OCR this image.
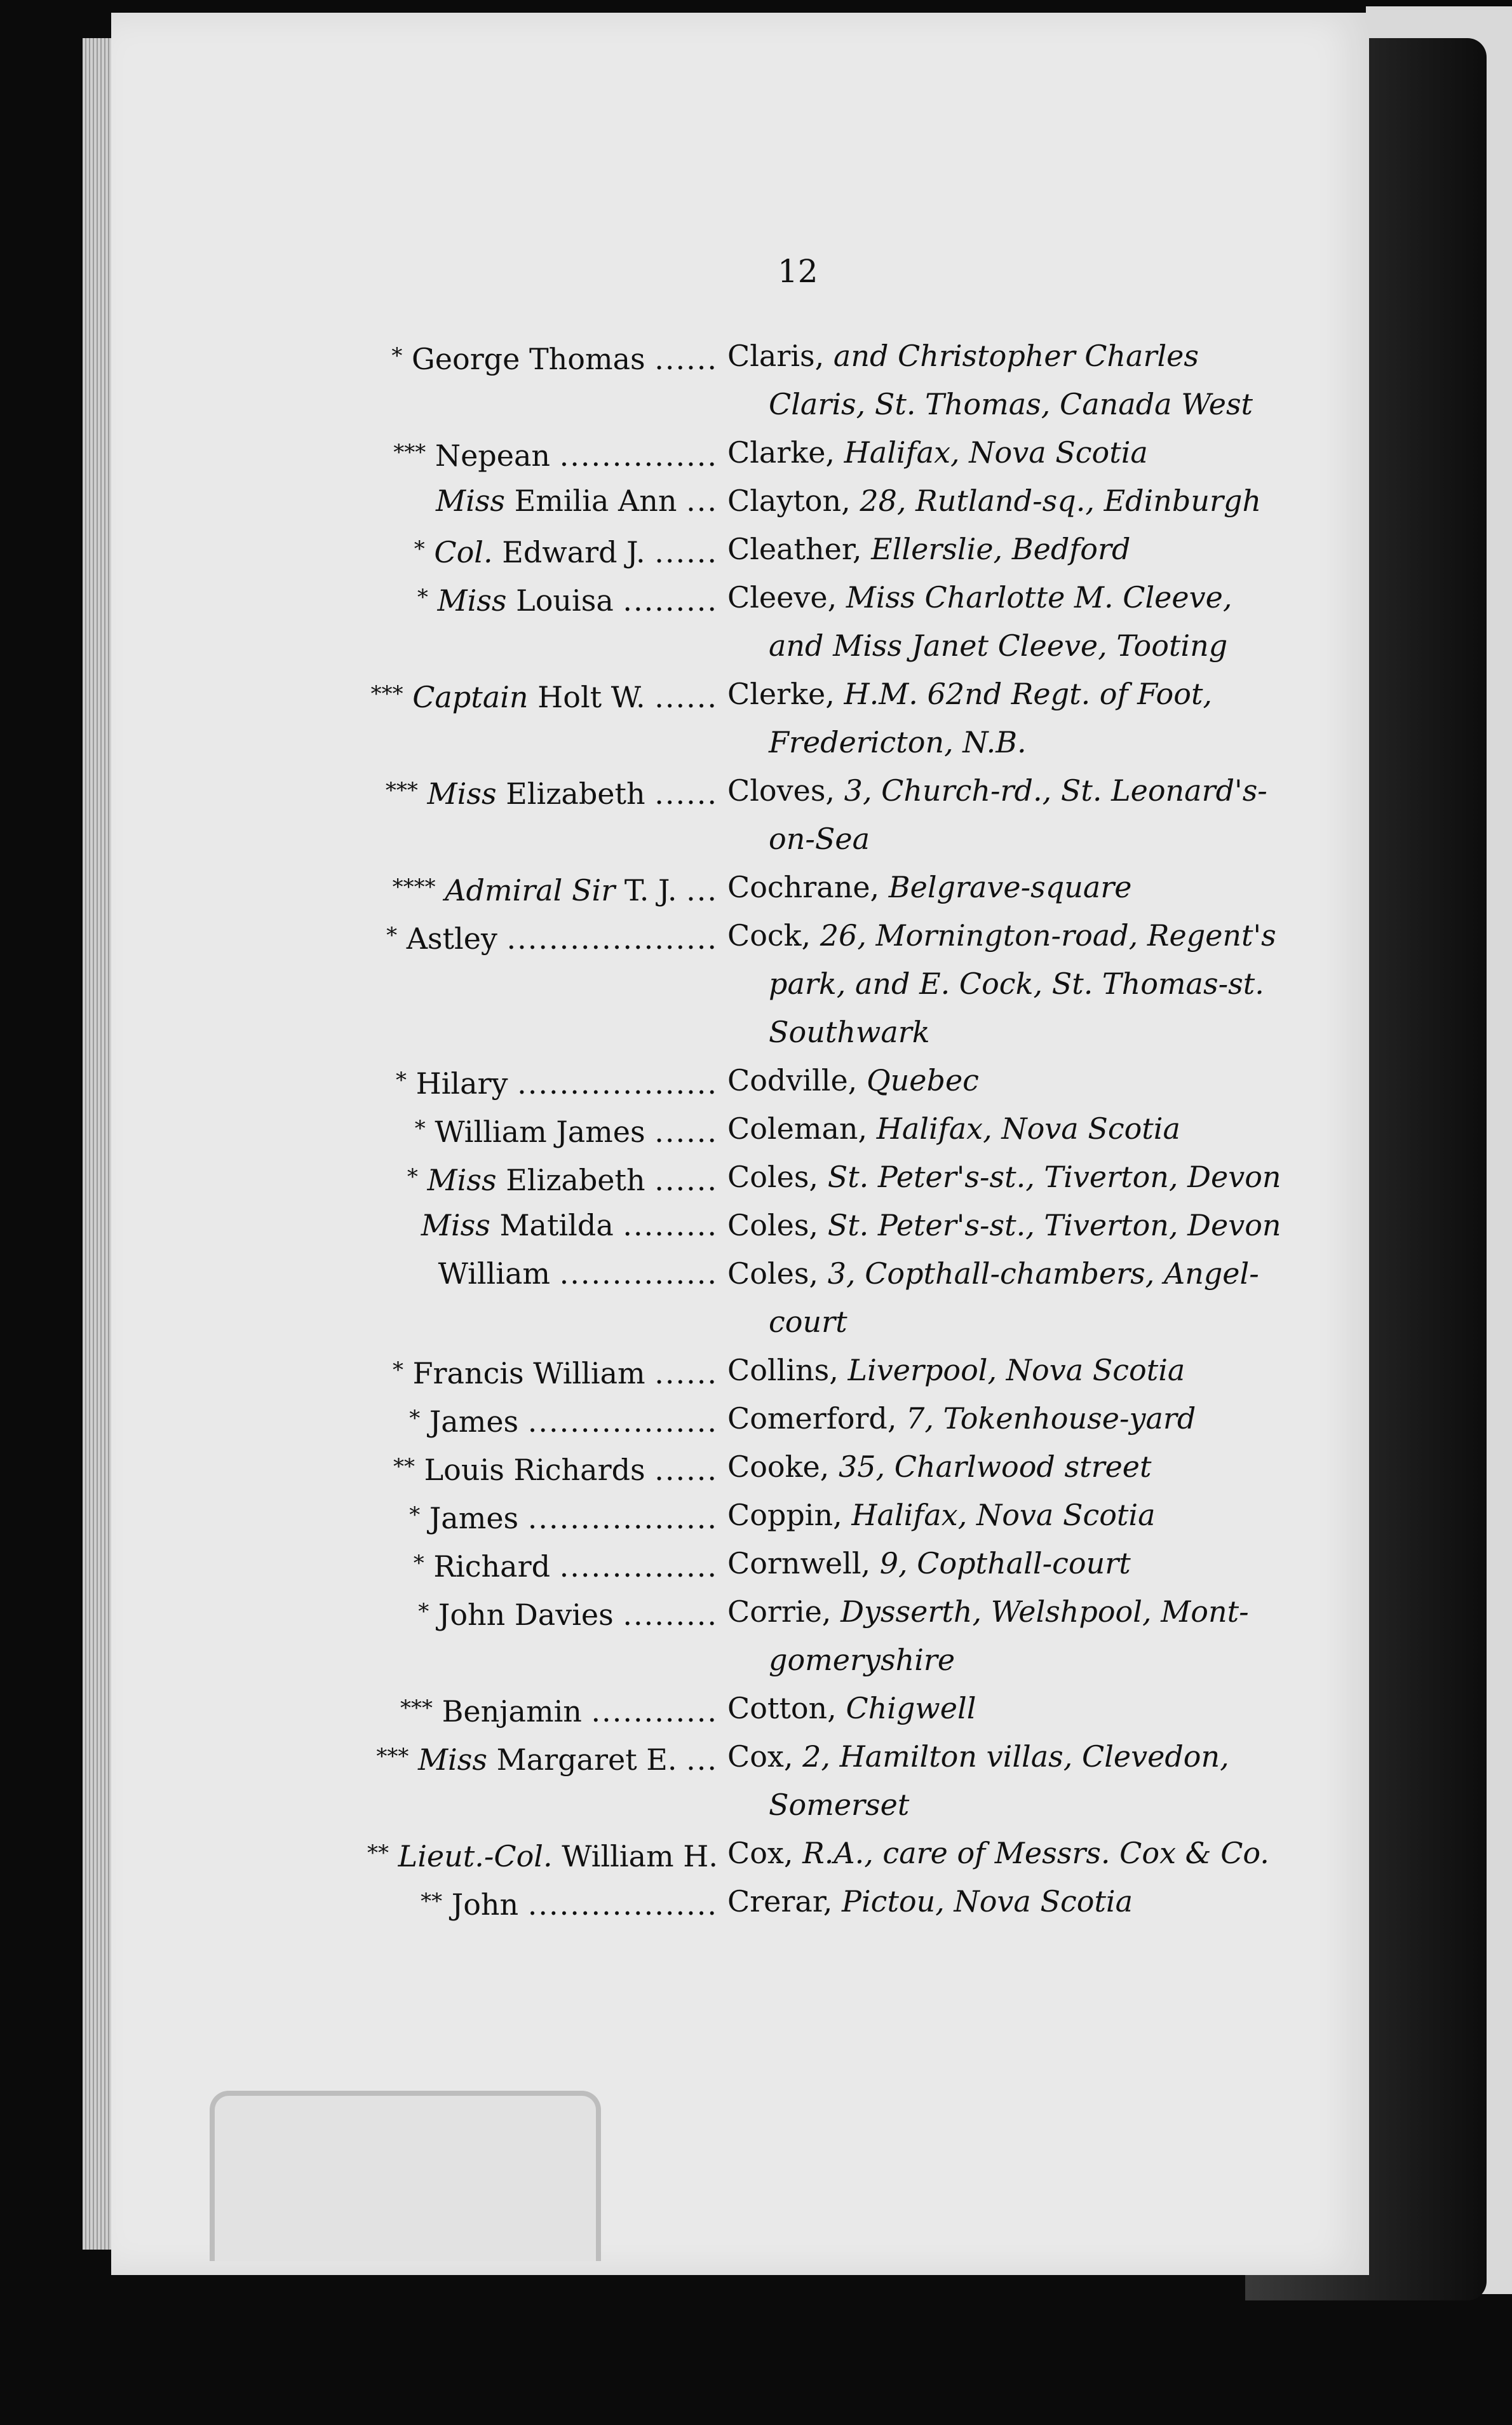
12
* George Thomas ...... Claris, and Christopher Charles
Claris, St. Thomas, Canada West
*** Nepean ............... Clarke, Halifax, Nova Scotia
Miss Emilia Ann ... Clayton, 28, Rutland-sq., Edinburgh
* Col. Edward J. ...... Cleather, Ellerslie, Bedford
* Miss Louisa ......... Cleeve, Miss Charlotte M. Cleeve,
and Miss Janet Cleeve, Tooting
*** Captain Holt W. ...... Clerke, H.M. 62nd Regt. of Foot,
Fredericton, N.B.
*** Miss Elizabeth ...... Cloves, 3, Church-rd., St. Leonard's-
on-Sea
**** Admiral Sir T. J. ... Cochrane, Belgrave-square
* Astley .................... Cock, 26, Mornington-road, Regent's
park, and E. Cock, St. Thomas-st.
Southwark
* Hilary ................... Codville, Quebec
* William James ...... Coleman, Halifax, Nova Scotia
* Miss Elizabeth ...... Coles, St. Peter's-st., Tiverton, Devon
Miss Matilda ......... Coles, St. Peter's-st., Tiverton, Devon
William ............... Coles, 3, Copthall-chambers, Angel-
court
* Francis William ...... Collins, Liverpool, Nova Scotia
* James .................. Comerford, 7, Tokenhouse-yard
** Louis Richards ...... Cooke, 35, Charlwood street
* James .................. Coppin, Halifax, Nova Scotia
* Richard ............... Cornwell, 9, Copthall-court
* John Davies ......... Corrie, Dysserth, Welshpool, Mont-
gomeryshire
*** Benjamin ............ Cotton, Chigwell
*** Miss Margaret E. ... Cox, 2, Hamilton villas, Clevedon,
Somerset
** Lieut.-Col. William H. Cox, R.A., care of Messrs. Cox & Co.
** John .................. Crerar, Pictou, Nova Scotia
